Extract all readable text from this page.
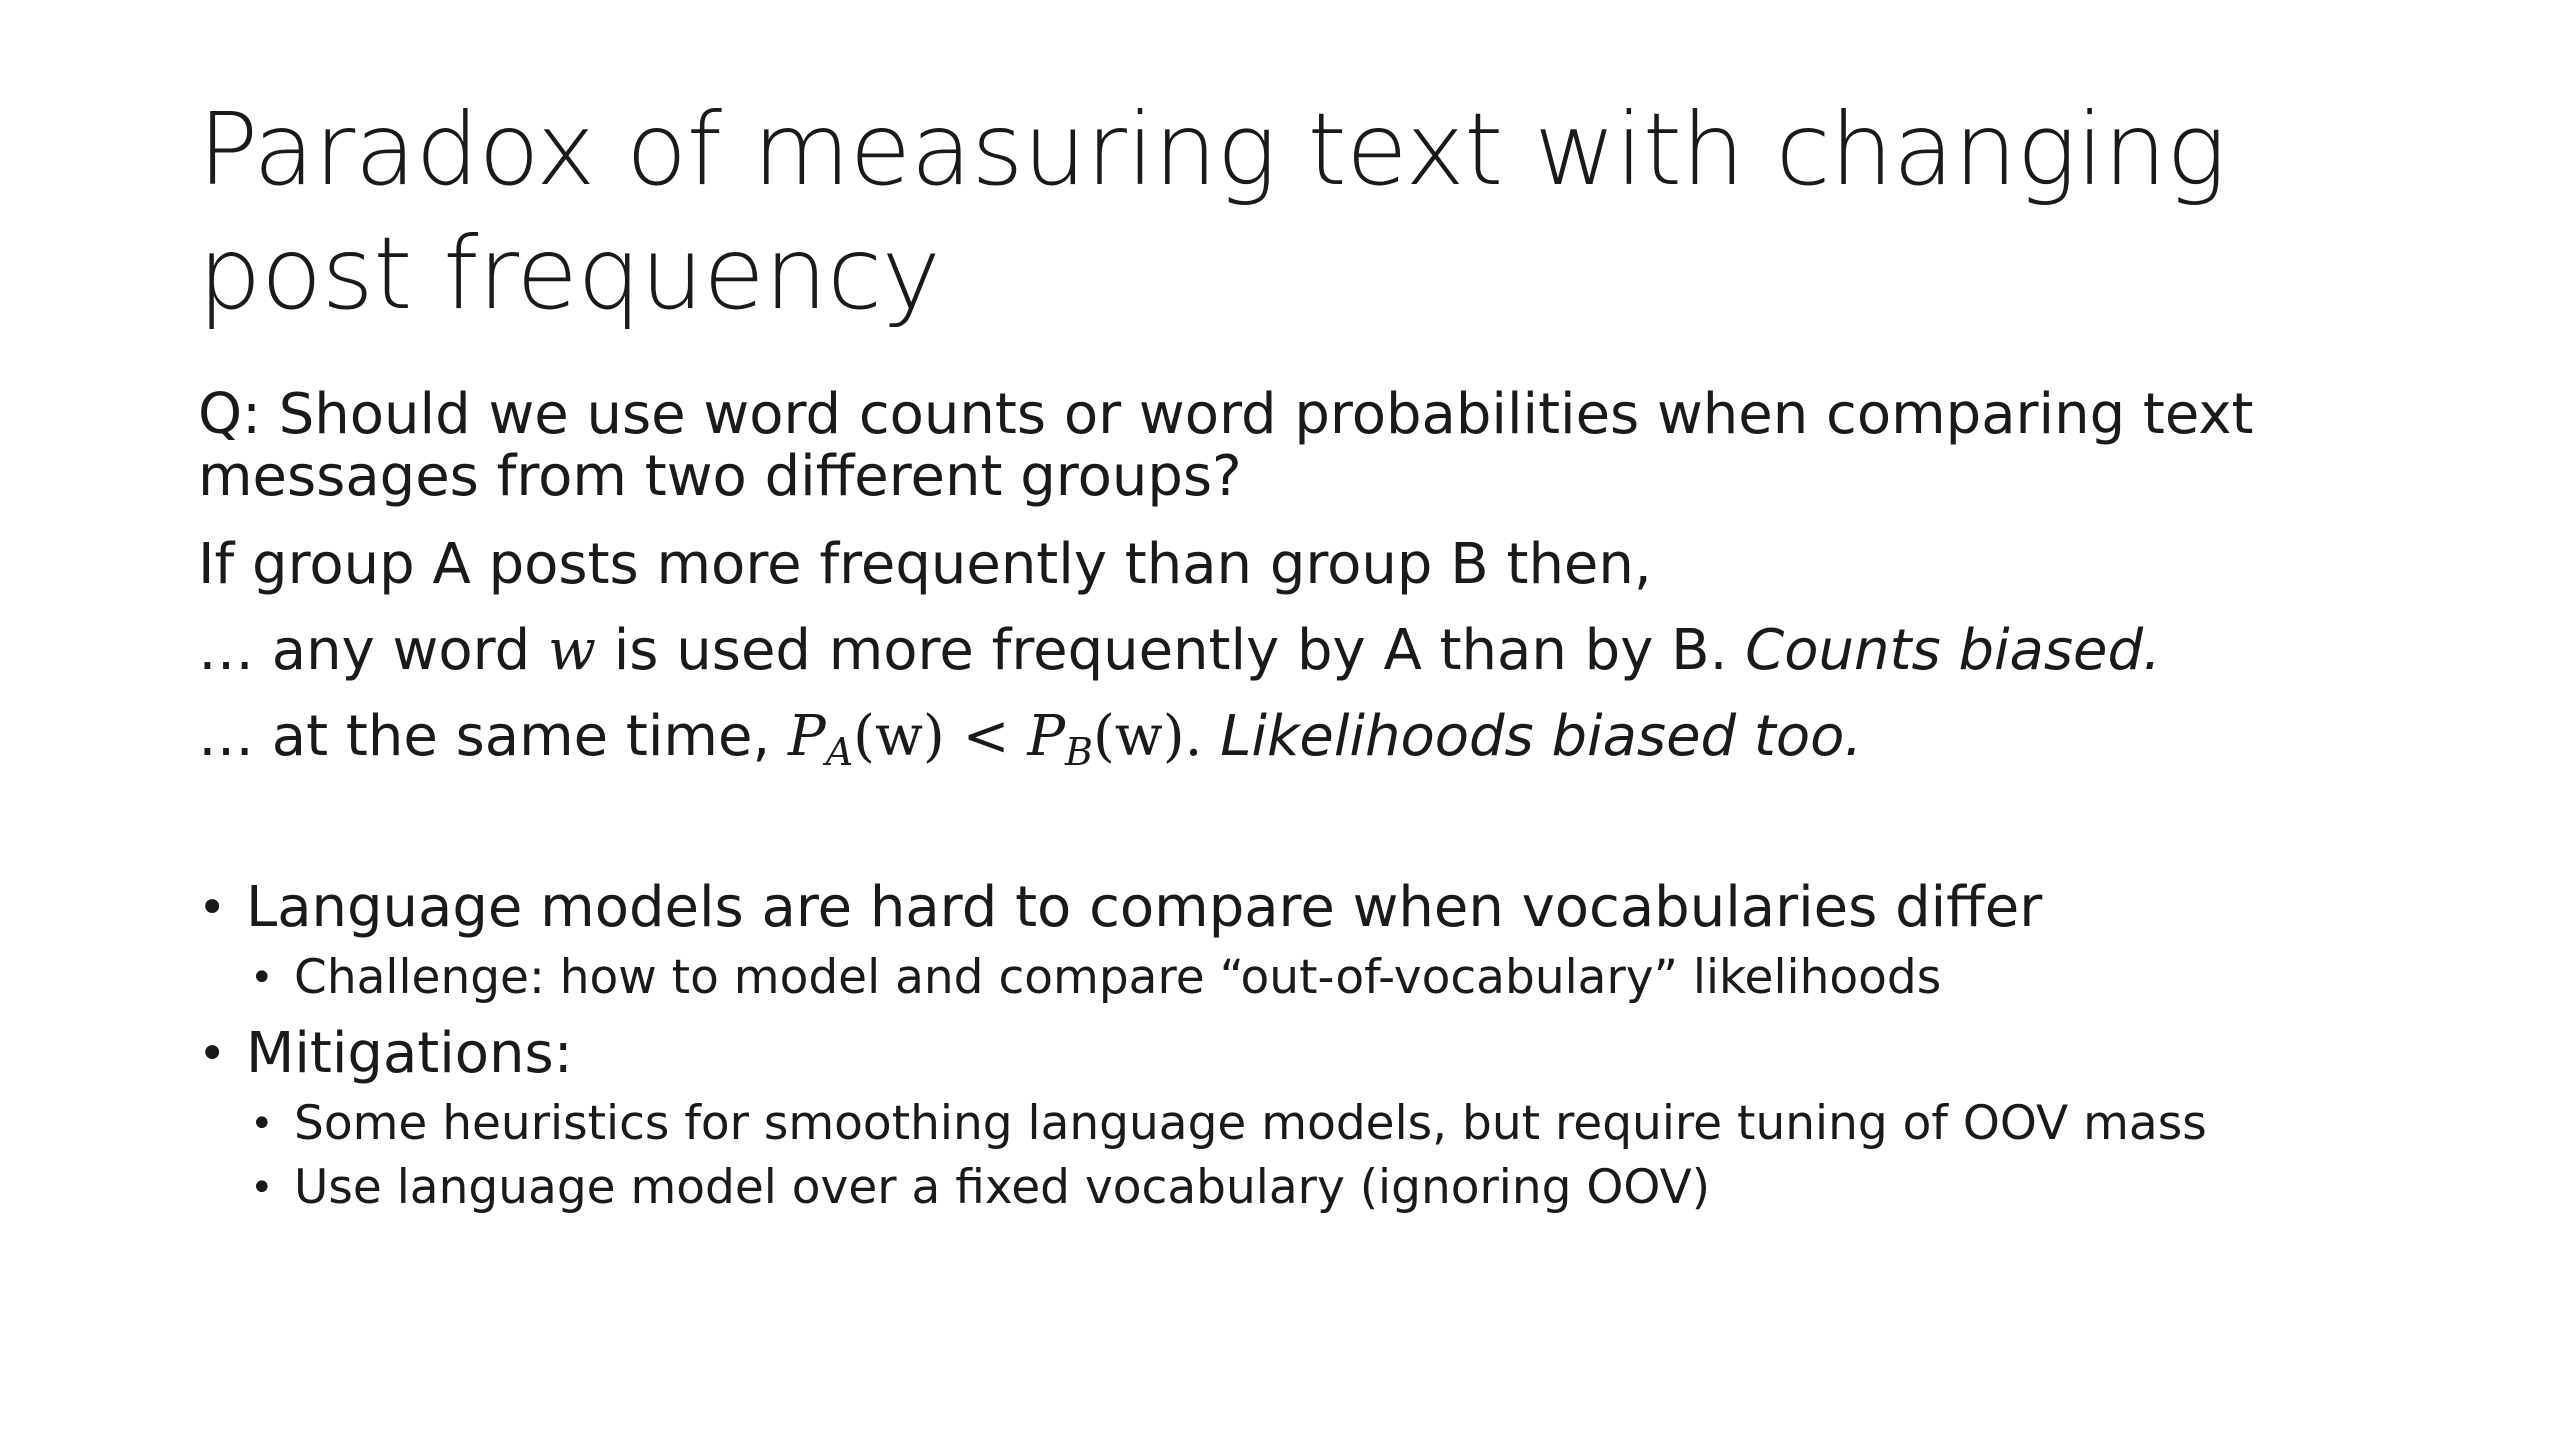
Paradox of measuring text with changing post frequency

Q: Should we use word counts or word probabilities when comparing text messages from two different groups?

If group A posts more frequently than group B then,

… any word w is used more frequently by A than by B. Counts biased.

… at the same time, $P_A(w) < P_B(w)$. Likelihoods biased too.

• Language models are hard to compare when vocabularies differ
• Challenge: how to model and compare “out-of-vocabulary” likelihoods
• Mitigations:
• Some heuristics for smoothing language models, but require tuning of OOV mass
• Use language model over a fixed vocabulary (ignoring OOV)
